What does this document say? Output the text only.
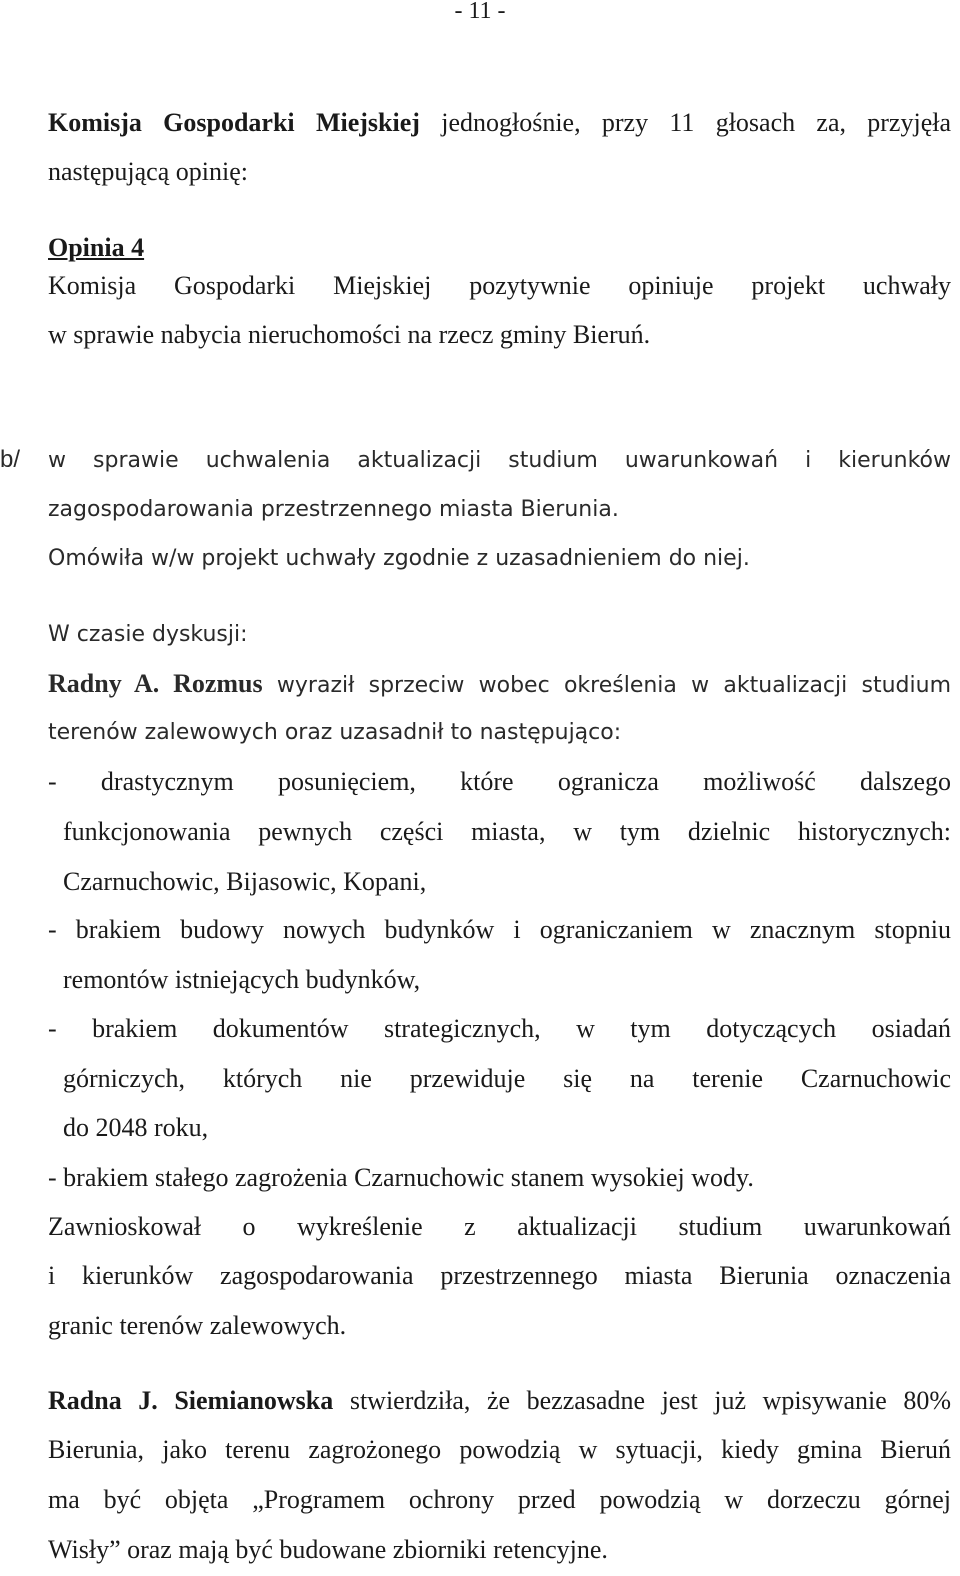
- 11 -
Komisja Gospodarki Miejskiej jednogłośnie, przy 11 głosach za, przyjęła
następującą opinię:
Opinia 4
Komisja Gospodarki Miejskiej pozytywnie opiniuje projekt uchwały
w sprawie nabycia nieruchomości na rzecz gminy Bieruń.
b/ w sprawie uchwalenia aktualizacji studium uwarunkowań i kierunków
zagospodarowania przestrzennego miasta Bierunia.
Omówiła w/w projekt uchwały zgodnie z uzasadnieniem do niej.
W czasie dyskusji:
Radny A. Rozmus wyraził sprzeciw wobec określenia w aktualizacji studium
terenów zalewowych oraz uzasadnił to następująco:
- drastycznym posunięciem, które ogranicza możliwość dalszego
funkcjonowania pewnych części miasta, w tym dzielnic historycznych:
Czarnuchowic, Bijasowic, Kopani,
- brakiem budowy nowych budynków i ograniczaniem w znacznym stopniu
remontów istniejących budynków,
- brakiem dokumentów strategicznych, w tym dotyczących osiadań
górniczych, których nie przewiduje się na terenie Czarnuchowic
do 2048 roku,
- brakiem stałego zagrożenia Czarnuchowic stanem wysokiej wody.
Zawnioskował o wykreślenie z aktualizacji studium uwarunkowań
i kierunków zagospodarowania przestrzennego miasta Bierunia oznaczenia
granic terenów zalewowych.
Radna J. Siemianowska stwierdziła, że bezzasadne jest już wpisywanie 80%
Bierunia, jako terenu zagrożonego powodzią w sytuacji, kiedy gmina Bieruń
ma być objęta „Programem ochrony przed powodzią w dorzeczu górnej
Wisły” oraz mają być budowane zbiorniki retencyjne.
